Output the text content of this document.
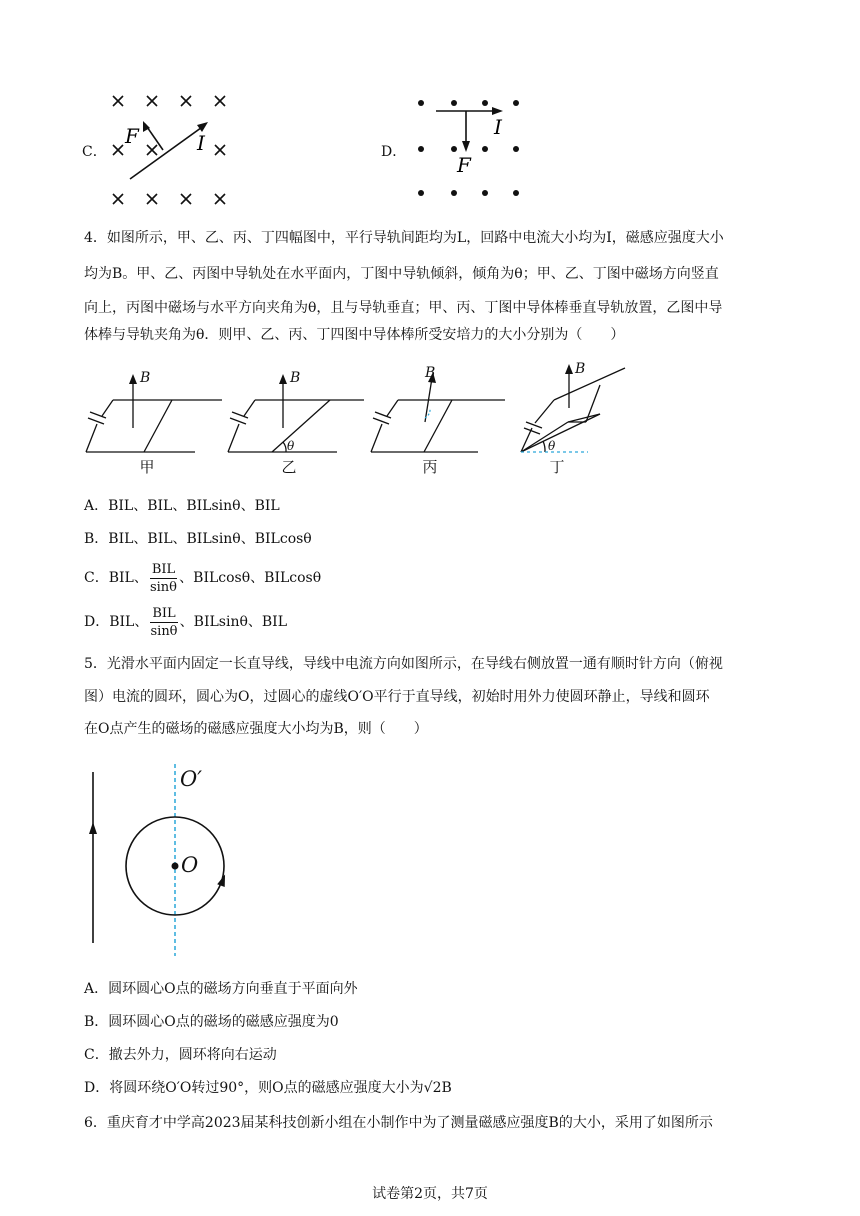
C．
F	I	D．
I
F
4．如图所示，甲、乙、丙、丁四幅图中，平行导轨间距均为L，回路中电流大小均为I，磁感应强度大小
均为B。甲、乙、丙图中导轨处在水平面内，丁图中导轨倾斜，倾角为θ；甲、乙、丁图中磁场方向竖直
向上，丙图中磁场与水平方向夹角为θ，且与导轨垂直；甲、丙、丁图中导体棒垂直导轨放置，乙图中导
体棒与导轨夹角为θ．则甲、乙、丙、丁四图中导体棒所受安培力的大小分别为（　　）
B	B	B	B
θ	θ
甲	乙	丙	丁
A．BIL、BIL、BILsinθ、BIL
B．BIL、BIL、BILsinθ、BILcosθ
C．BIL、 $\frac{\text{BIL}}{\sin\theta}$ 、BILcosθ、BILcosθ
D．BIL、 $\frac{\text{BIL}}{\sin\theta}$ 、BILsinθ、BIL
5．光滑水平面内固定一长直导线，导线中电流方向如图所示，在导线右侧放置一通有顺时针方向（俯视
图）电流的圆环，圆心为O，过圆心的虚线O′O平行于直导线，初始时用外力使圆环静止，导线和圆环
在O点产生的磁场的磁感应强度大小均为B，则（　　）
O′
O
A．圆环圆心O点的磁场方向垂直于平面向外
B．圆环圆心O点的磁场的磁感应强度为0
C．撤去外力，圆环将向右运动
D．将圆环绕O′O转过90°，则O点的磁感应强度大小为√2B
6．重庆育才中学高2023届某科技创新小组在小制作中为了测量磁感应强度B的大小，采用了如图所示
试卷第2页，共7页
